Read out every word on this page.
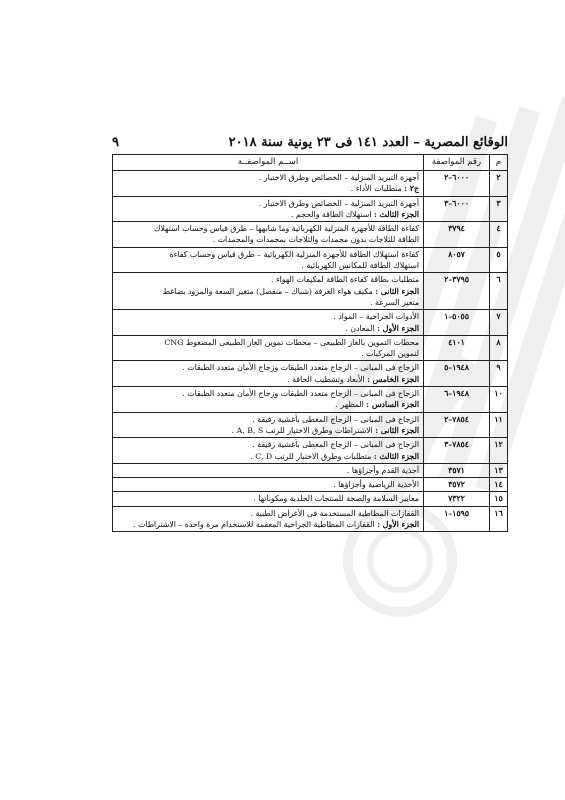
الوقائع المصرية – العدد ١٤١ فى ٢٣ يونية سنة ٢٠١٨
٩
م	رقم المواصفة	اســم المواصفــة
٢	٦٠٠٠–٢	أجهزة التبريد المنزلية – الخصائص وطرق الاختبار .
ج٢ : متطلبات الأداء .

٣	٦٠٠٠–٣	أجهزة التبريد المنزلية – الخصائص وطرق الاختبار .
الجزء الثالث : استهلاك الطاقة والحجم .

٤	٣٧٩٤	كفاءة الطاقة للأجهزة المنزلية الكهربائية وما شابهها – طرق قياس وحساب استهلاك
الطاقة للثلاجات بدون مجمدات والثلاجات بمجمدات والمجمدات .

٥	٨٠٥٧	كفاءة استهلاك الطاقة للأجهزة المنزلية الكهربائية – طرق قياس وحساب كفاءة
استهلاك الطاقة للمكانس الكهربائية .

٦	٣٧٩٥–٢	متطلبات بطاقة كفاءة الطاقة لمكيفات الهواء .
الجزء الثانى : مكيف هواء الغرفة (شباك – منفصل) متغير السعة والمزود بضاغط
متغير السرعة .

٧	٥٠٥٥–١	الأدوات الجراحية – المواد .
الجزء الأول : المعادن .

٨	٤١٠١	محطات التموين بالغاز الطبيعى – محطات تموين الغاز الطبيعى المضغوط CNG
لتموين المركبات .

٩	١٩٤٨–٥	الزجاج فى المبانى – الزجاج متعدد الطبقات وزجاج الأمان متعدد الطبقات .
الجزء الخامس : الأبعاد وتشطيب الحافة .

١٠	١٩٤٨–٦	الزجاج فى المبانى – الزجاج متعدد الطبقات وزجاج الأمان متعدد الطبقات .
الجزء السادس : المظهر .

١١	٧٨٥٤–٢	الزجاج فى المبانى – الزجاج المغطى بأغشية رقيقة .
الجزء الثانى : الاشتراطات وطرق الاختبار للرتب A, B, S .

١٢	٧٨٥٤–٣	الزجاج فى المبانى – الزجاج المغطى بأغشية رقيقة .
الجزء الثالث : متطلبات وطرق الاختبار للرتب C, D .

١٣	٣٥٧١	أحذية القدم وأجزاؤها .

١٤	٣٥٧٢	الأحذية الرياضية وأجزاؤها .

١٥	٧٣٢٢	معايير السلامة والصحة للمنتجات الجلدية ومكوناتها .

١٦	١٥٩٥–١	القفازات المطاطية المستخدمة فى الأغراض الطبية .
الجزء الأول : القفازات المطاطية الجراحية المعقمة للاستخدام مرة واحدة – الاشتراطات .
